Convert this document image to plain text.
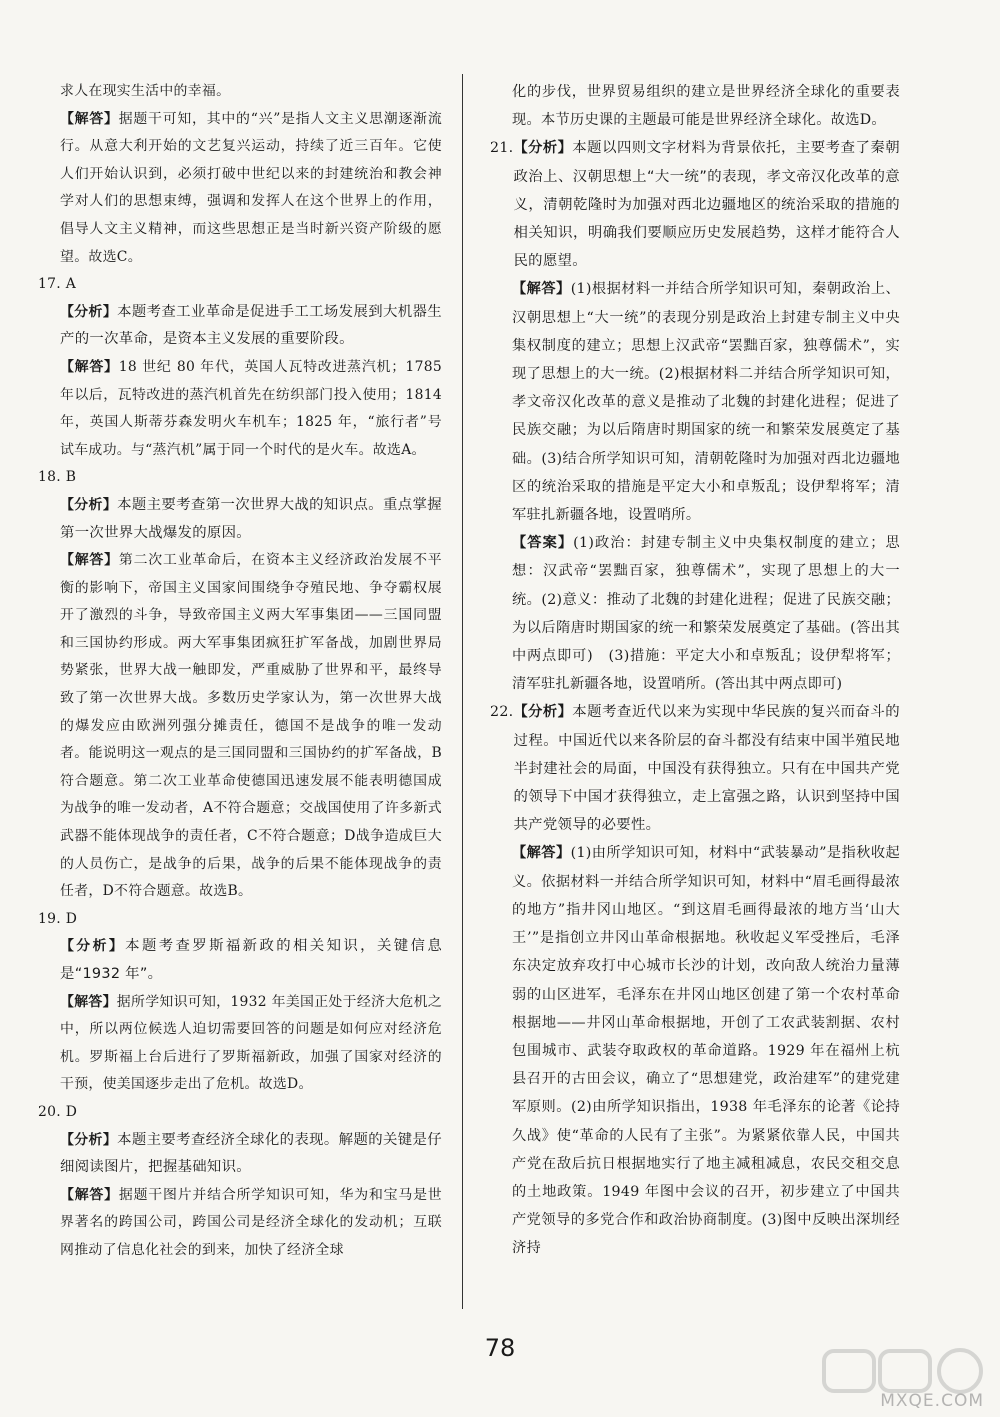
求人在现实生活中的幸福。
【解答】据题干可知，其中的“兴”是指人文主义思潮逐渐流行。从意大利开始的文艺复兴运动，持续了近三百年。它使人们开始认识到，必须打破中世纪以来的封建统治和教会神学对人们的思想束缚，强调和发挥人在这个世界上的作用，倡导人文主义精神，而这些思想正是当时新兴资产阶级的愿望。故选C。
17. A
【分析】本题考查工业革命是促进手工工场发展到大机器生产的一次革命，是资本主义发展的重要阶段。
【解答】18 世纪 80 年代，英国人瓦特改进蒸汽机；1785 年以后，瓦特改进的蒸汽机首先在纺织部门投入使用；1814 年，英国人斯蒂芬森发明火车机车；1825 年，“旅行者”号试车成功。与“蒸汽机”属于同一个时代的是火车。故选A。
18. B
【分析】本题主要考查第一次世界大战的知识点。重点掌握第一次世界大战爆发的原因。
【解答】第二次工业革命后，在资本主义经济政治发展不平衡的影响下，帝国主义国家间围绕争夺殖民地、争夺霸权展开了激烈的斗争，导致帝国主义两大军事集团——三国同盟和三国协约形成。两大军事集团疯狂扩军备战，加剧世界局势紧张，世界大战一触即发，严重威胁了世界和平，最终导致了第一次世界大战。多数历史学家认为，第一次世界大战的爆发应由欧洲列强分摊责任，德国不是战争的唯一发动者。能说明这一观点的是三国同盟和三国协约的扩军备战，B符合题意。第二次工业革命使德国迅速发展不能表明德国成为战争的唯一发动者，A不符合题意；交战国使用了许多新式武器不能体现战争的责任者，C不符合题意；D战争造成巨大的人员伤亡，是战争的后果，战争的后果不能体现战争的责任者，D不符合题意。故选B。
19. D
【分析】本题考查罗斯福新政的相关知识，关键信息是“1932 年”。
【解答】据所学知识可知，1932 年美国正处于经济大危机之中，所以两位候选人迫切需要回答的问题是如何应对经济危机。罗斯福上台后进行了罗斯福新政，加强了国家对经济的干预，使美国逐步走出了危机。故选D。
20. D
【分析】本题主要考查经济全球化的表现。解题的关键是仔细阅读图片，把握基础知识。
【解答】据题干图片并结合所学知识可知，华为和宝马是世界著名的跨国公司，跨国公司是经济全球化的发动机；互联网推动了信息化社会的到来，加快了经济全球
化的步伐，世界贸易组织的建立是世界经济全球化的重要表现。本节历史课的主题最可能是世界经济全球化。故选D。
21. 【分析】本题以四则文字材料为背景依托，主要考查了秦朝政治上、汉朝思想上“大一统”的表现，孝文帝汉化改革的意义，清朝乾隆时为加强对西北边疆地区的统治采取的措施的相关知识，明确我们要顺应历史发展趋势，这样才能符合人民的愿望。
【解答】(1)根据材料一并结合所学知识可知，秦朝政治上、汉朝思想上“大一统”的表现分别是政治上封建专制主义中央集权制度的建立；思想上汉武帝“罢黜百家，独尊儒术”，实现了思想上的大一统。(2)根据材料二并结合所学知识可知，孝文帝汉化改革的意义是推动了北魏的封建化进程；促进了民族交融；为以后隋唐时期国家的统一和繁荣发展奠定了基础。(3)结合所学知识可知，清朝乾隆时为加强对西北边疆地区的统治采取的措施是平定大小和卓叛乱；设伊犁将军；清军驻扎新疆各地，设置哨所。
【答案】(1)政治：封建专制主义中央集权制度的建立；思想：汉武帝“罢黜百家，独尊儒术”，实现了思想上的大一统。(2)意义：推动了北魏的封建化进程；促进了民族交融；为以后隋唐时期国家的统一和繁荣发展奠定了基础。(答出其中两点即可)　(3)措施：平定大小和卓叛乱；设伊犁将军；清军驻扎新疆各地，设置哨所。(答出其中两点即可)
22. 【分析】本题考查近代以来为实现中华民族的复兴而奋斗的过程。中国近代以来各阶层的奋斗都没有结束中国半殖民地半封建社会的局面，中国没有获得独立。只有在中国共产党的领导下中国才获得独立，走上富强之路，认识到坚持中国共产党领导的必要性。
【解答】(1)由所学知识可知，材料中“武装暴动”是指秋收起义。依据材料一并结合所学知识可知，材料中“眉毛画得最浓的地方”指井冈山地区。“到这眉毛画得最浓的地方当‘山大王’”是指创立井冈山革命根据地。秋收起义军受挫后，毛泽东决定放弃攻打中心城市长沙的计划，改向敌人统治力量薄弱的山区进军，毛泽东在井冈山地区创建了第一个农村革命根据地——井冈山革命根据地，开创了工农武装割据、农村包围城市、武装夺取政权的革命道路。1929 年在福州上杭县召开的古田会议，确立了“思想建党，政治建军”的建党建军原则。(2)由所学知识指出，1938 年毛泽东的论著《论持久战》使“革命的人民有了主张”。为紧紧依靠人民，中国共产党在敌后抗日根据地实行了地主减租减息，农民交租交息的土地政策。1949 年图中会议的召开，初步建立了中国共产党领导的多党合作和政治协商制度。(3)图中反映出深圳经济持
78
MXQE.COM
